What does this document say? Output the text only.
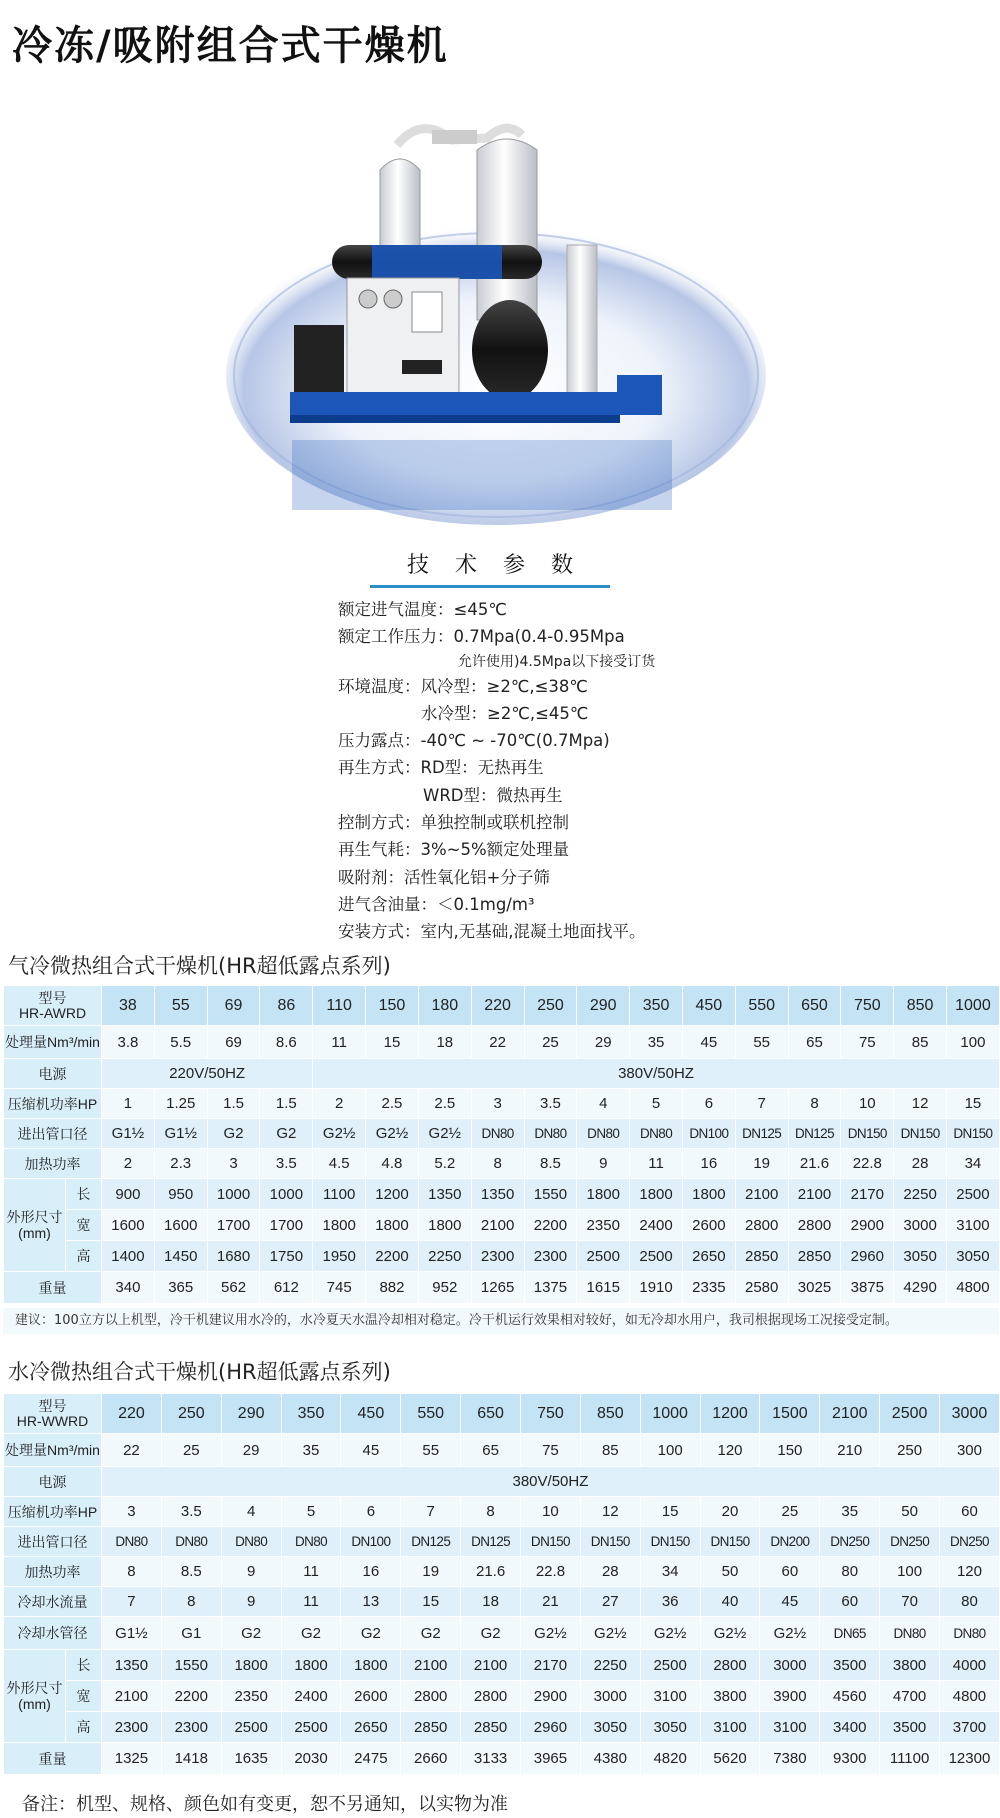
冷冻/吸附组合式干燥机
技术参数
额定进气温度：≤45℃
额定工作压力：0.7Mpa(0.4-0.95Mpa
允许使用)4.5Mpa以下接受订货
环境温度：风冷型：≥2℃,≤38℃
水冷型：≥2℃,≤45℃
压力露点：-40℃ ~ -70℃(0.7Mpa)
再生方式：RD型：无热再生
WRD型：微热再生
控制方式：单独控制或联机控制
再生气耗：3%~5%额定处理量
吸附剂：活性氧化铝+分子筛
进气含油量：＜0.1mg/m³
安装方式：室内,无基础,混凝土地面找平。
气冷微热组合式干燥机(HR超低露点系列)
型号
HR-AWRD		38	55	69	86	110	150	180	220	250	290	350	450	550	650	750	850	1000
处理量Nm³/min		3.8	5.5	69	8.6	11	15	18	22	25	29	35	45	55	65	75	85	100
电源		220V/50HZ				380V/50HZ												
压缩机功率HP		1	1.25	1.5	1.5	2	2.5	2.5	3	3.5	4	5	6	7	8	10	12	15
进出管口径		G1½	G1½	G2	G2	G2½	G2½	G2½	DN80	DN80	DN80	DN80	DN100	DN125	DN125	DN150	DN150	DN150
加热功率		2	2.3	3	3.5	4.5	4.8	5.2	8	8.5	9	11	16	19	21.6	22.8	28	34

外形尺寸
(mm)	长	900	950	1000	1000	1100	1200	1350	1350	1550	1800	1800	1800	2100	2100	2170	2250	2500
	宽	1600	1600	1700	1700	1800	1800	1800	2100	2200	2350	2400	2600	2800	2800	2900	3000	3100
	高	1400	1450	1680	1750	1950	2200	2250	2300	2300	2500	2500	2650	2850	2850	2960	3050	3050
重量		340	365	562	612	745	882	952	1265	1375	1615	1910	2335	2580	3025	3875	4290	4800
建议：100立方以上机型，冷干机建议用水冷的，水冷夏天水温冷却相对稳定。冷干机运行效果相对较好，如无冷却水用户，我司根据现场工况接受定制。
水冷微热组合式干燥机(HR超低露点系列)
型号
HR-WWRD		220	250	290	350	450	550	650	750	850	1000	1200	1500	2100	2500	3000
处理量Nm³/min		22	25	29	35	45	55	65	75	85	100	120	150	210	250	300
电源		380V/50HZ														
压缩机功率HP		3	3.5	4	5	6	7	8	10	12	15	20	25	35	50	60
进出管口径		DN80	DN80	DN80	DN80	DN100	DN125	DN125	DN150	DN150	DN150	DN150	DN200	DN250	DN250	DN250
加热功率		8	8.5	9	11	16	19	21.6	22.8	28	34	50	60	80	100	120
冷却水流量		7	8	9	11	13	15	18	21	27	36	40	45	60	70	80
冷却水管径		G1½	G1	G2	G2	G2	G2	G2	G2½	G2½	G2½	G2½	G2½	DN65	DN80	DN80

外形尺寸
(mm)	长	1350	1550	1800	1800	1800	2100	2100	2170	2250	2500	2800	3000	3500	3800	4000
	宽	2100	2200	2350	2400	2600	2800	2800	2900	3000	3100	3800	3900	4560	4700	4800
	高	2300	2300	2500	2500	2650	2850	2850	2960	3050	3050	3100	3100	3400	3500	3700
重量		1325	1418	1635	2030	2475	2660	3133	3965	4380	4820	5620	7380	9300	11100	12300
备注：机型、规格、颜色如有变更，恕不另通知，以实物为准
